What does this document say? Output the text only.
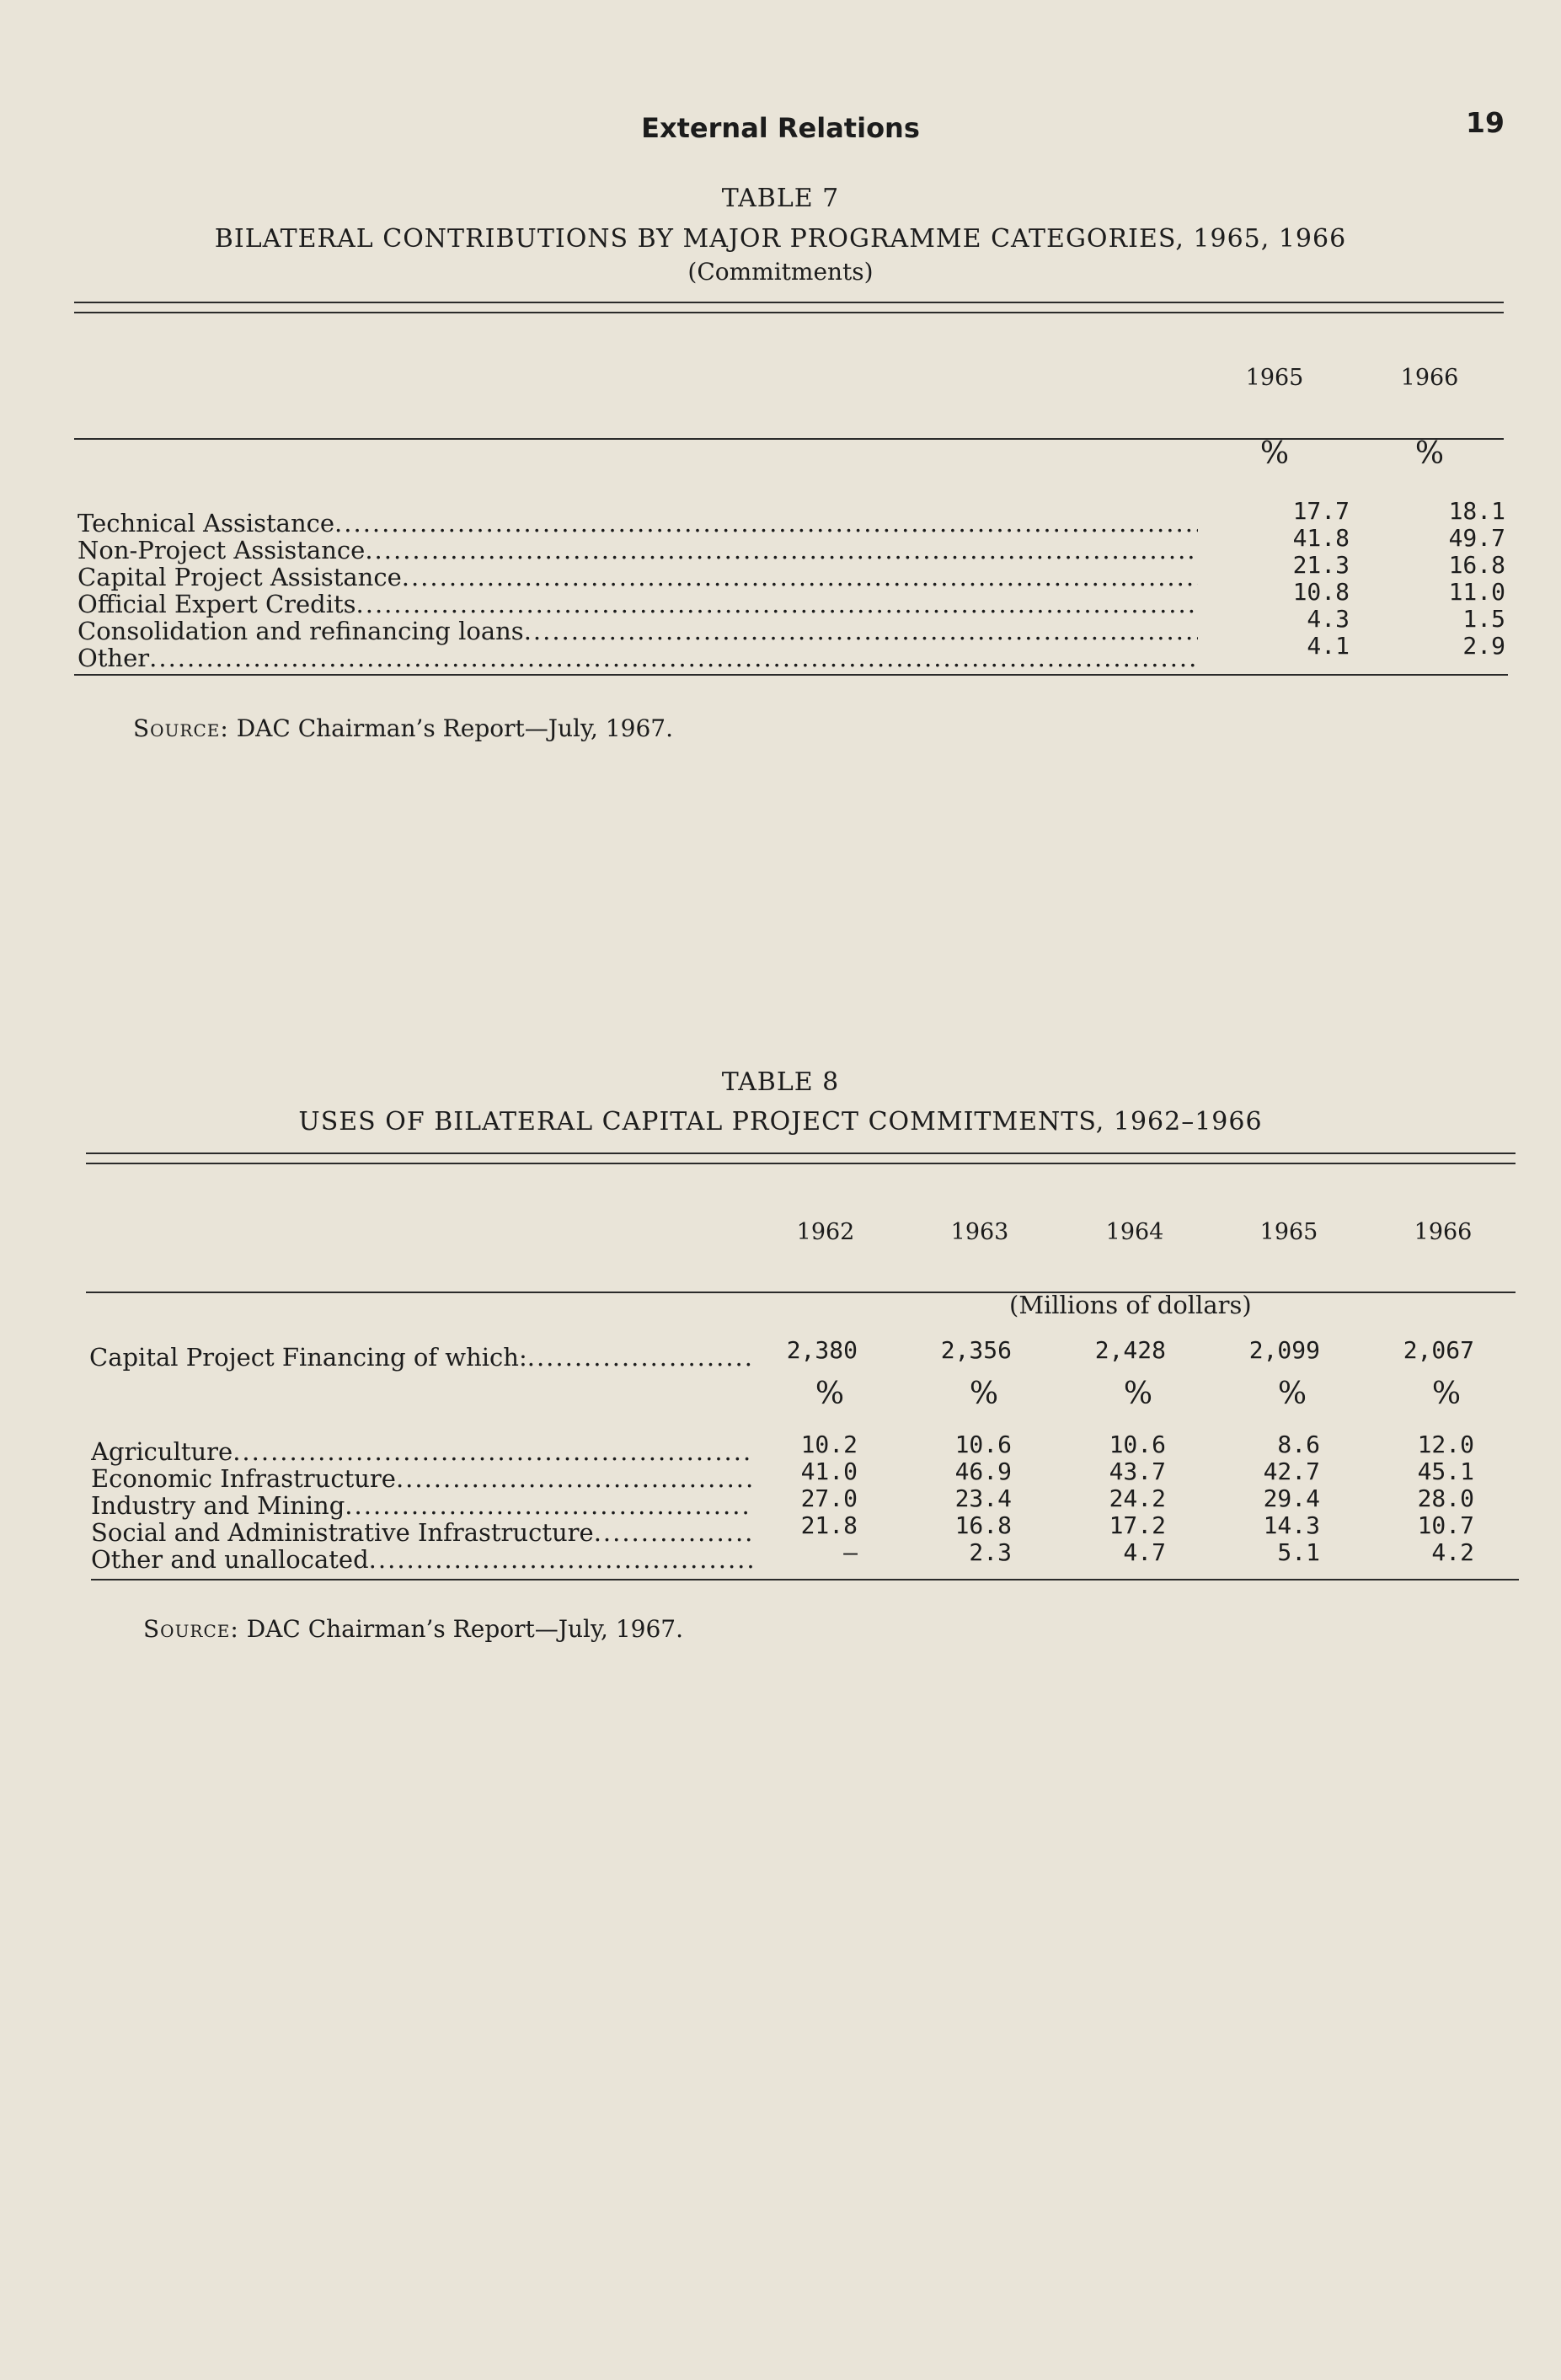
External Relations	19
TABLE 7
BILATERAL CONTRIBUTIONS BY MAJOR PROGRAMME CATEGORIES, 1965, 1966
(Commitments)
1965	1966
%	%
Technical Assistance .....	17.7	18.1
Non-Project Assistance .....	41.8	49.7
Capital Project Assistance .....	21.3	16.8
Official Expert Credits .....	10.8	11.0
Consolidation and refinancing loans .....	4.3	1.5
Other .....	4.1	2.9
Source: DAC Chairman’s Report—July, 1967.
TABLE 8
USES OF BILATERAL CAPITAL PROJECT COMMITMENTS, 1962–1966
1962	1963	1964	1965	1966
(Millions of dollars)
Capital Project Financing of which: .....	2,380	2,356	2,428	2,099	2,067
%	%	%	%	%
Agriculture .....	10.2	10.6	10.6	8.6	12.0
Economic Infrastructure .....	41.0	46.9	43.7	42.7	45.1
Industry and Mining .....	27.0	23.4	24.2	29.4	28.0
Social and Administrative Infrastructure .....	21.8	16.8	17.2	14.3	10.7
Other and unallocated .....	—	2.3	4.7	5.1	4.2
Source: DAC Chairman’s Report—July, 1967.
